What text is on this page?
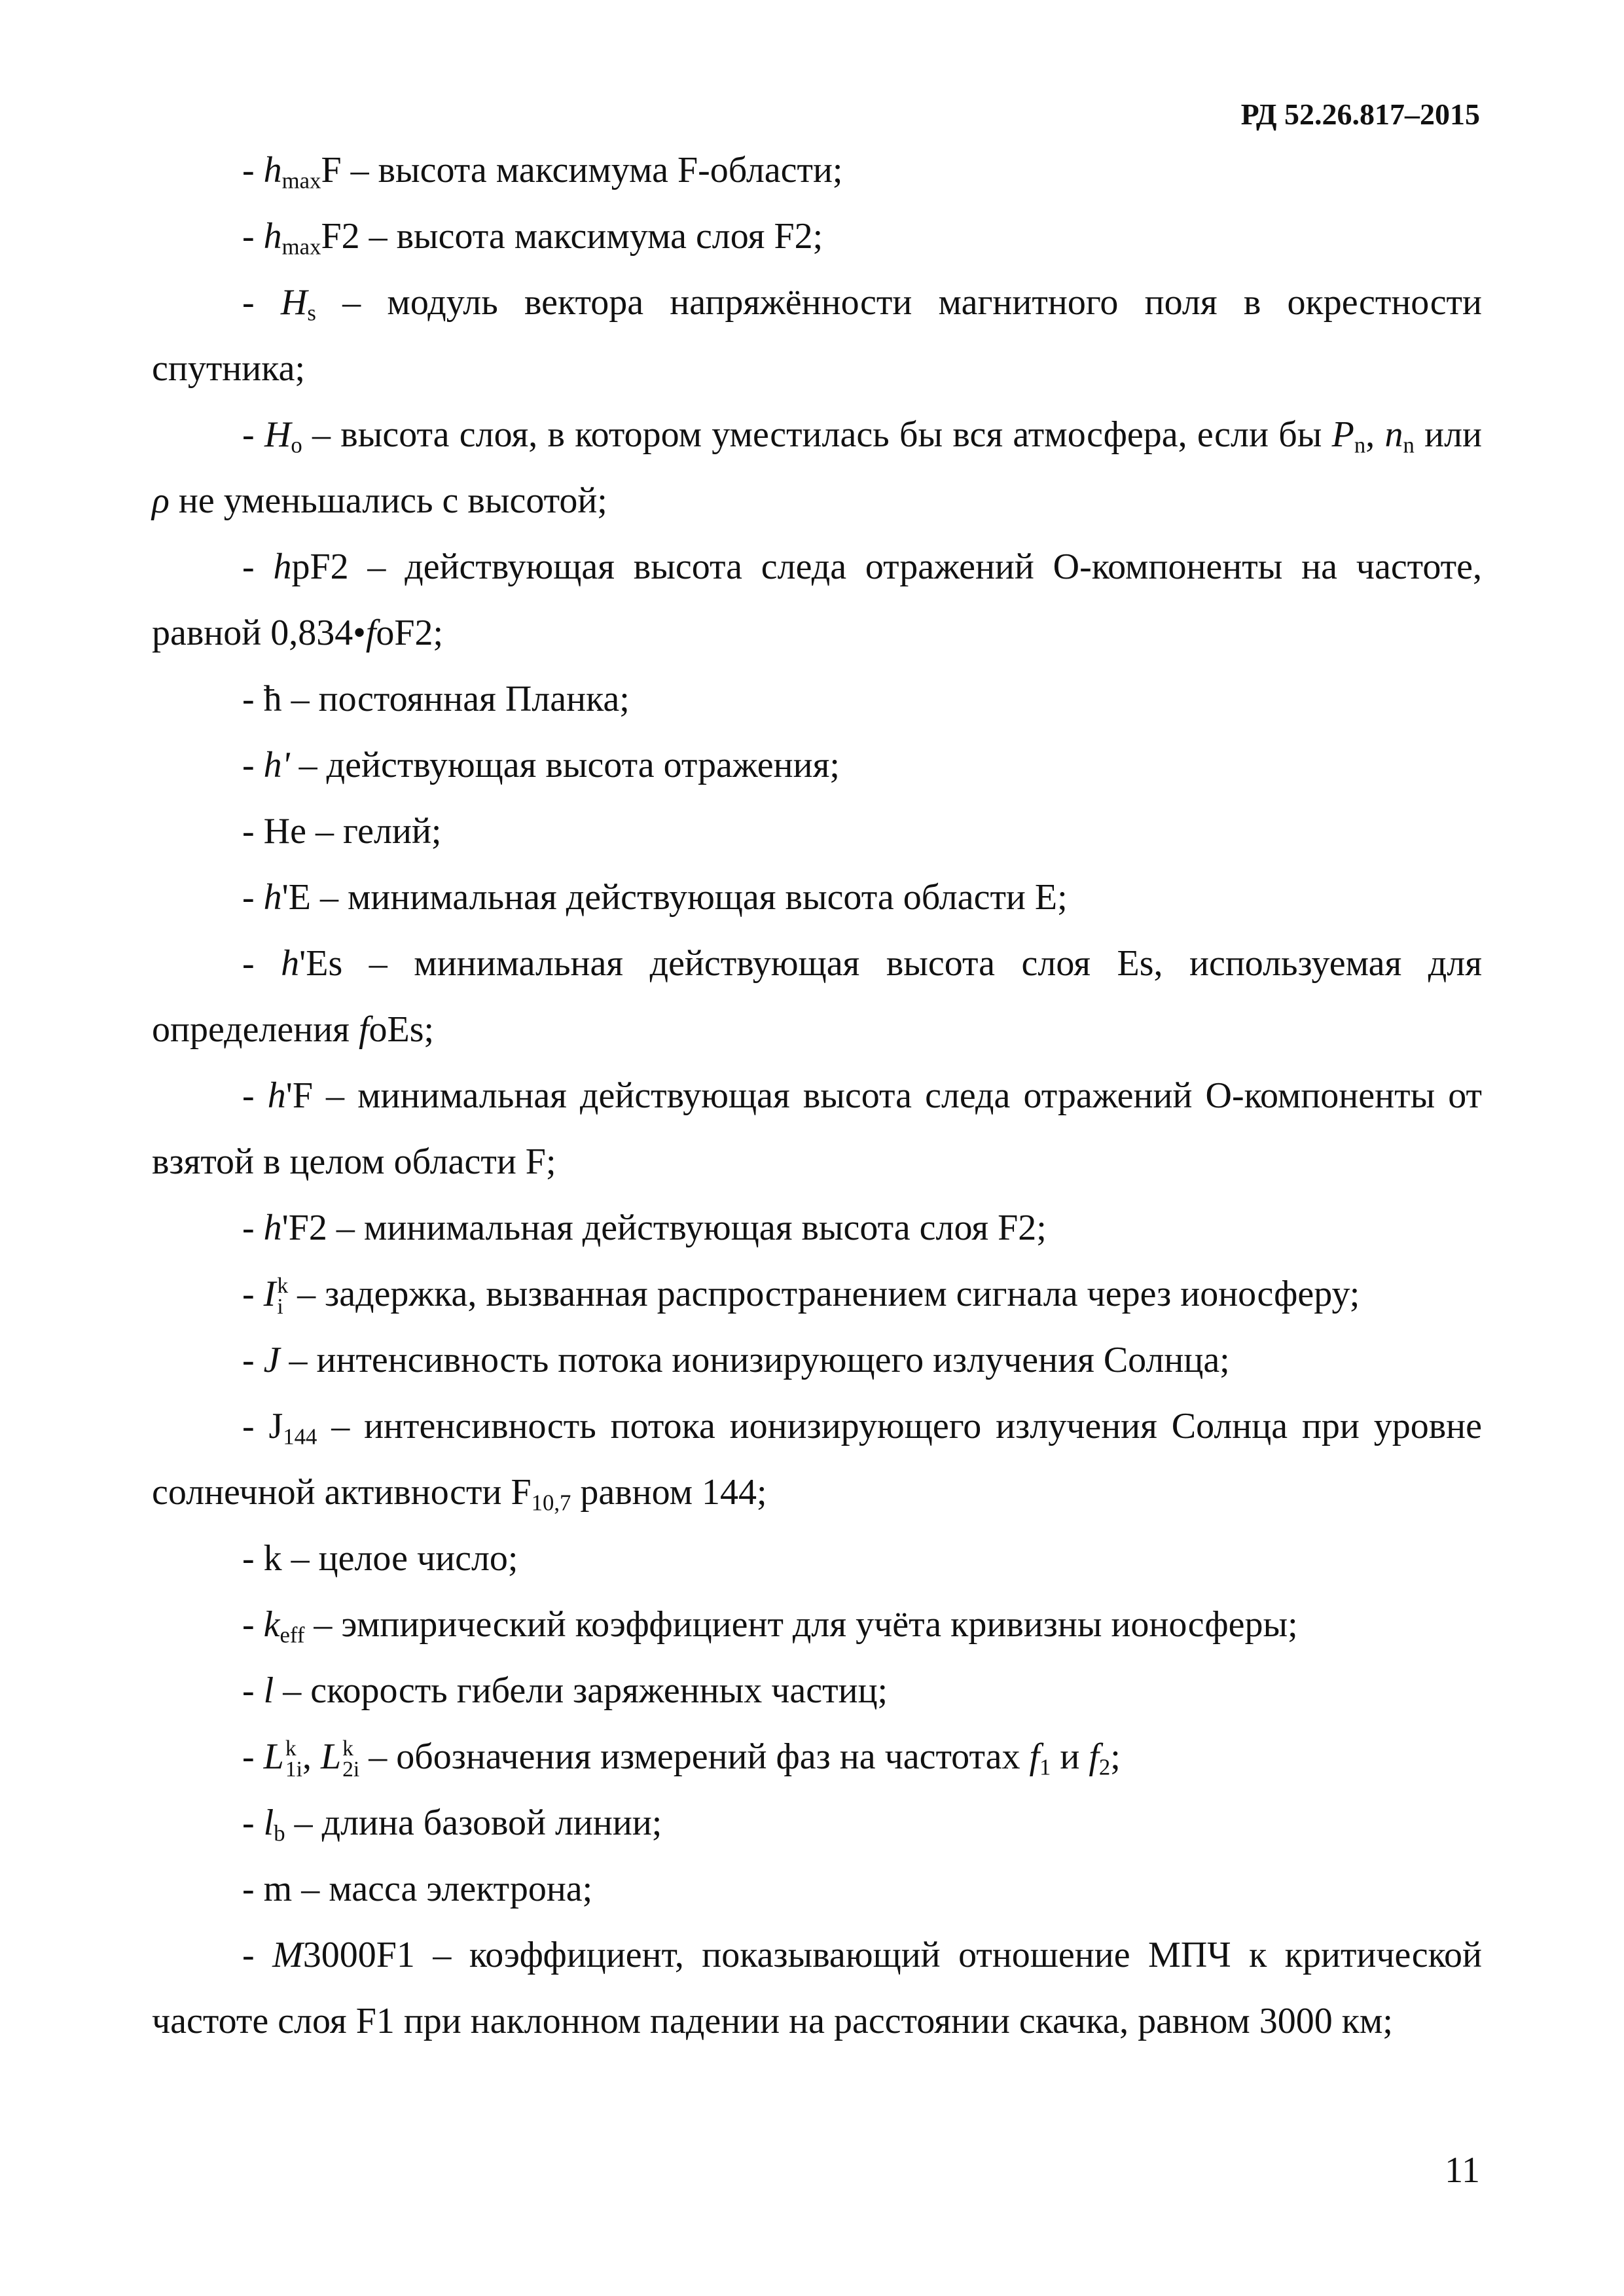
РД 52.26.817–2015

- $h_{max}F$ – высота максимума F-области;

- $h_{max}F2$ – высота максимума слоя F2;

- $H_s$ – модуль вектора напряжённости магнитного поля в окрестности спутника;

- $H_o$ – высота слоя, в котором уместилась бы вся атмосфера, если бы $P_n$, $n_n$ или ρ не уменьшались с высотой;

- hpF2 – действующая высота следа отражений О-компоненты на частоте, равной 0,834•foF2;

- ħ – постоянная Планка;

- h' – действующая высота отражения;

- He – гелий;

- h'E – минимальная действующая высота области E;

- h'Es – минимальная действующая высота слоя Es, используемая для определения foEs;

- h'F – минимальная действующая высота следа отражений О-компоненты от взятой в целом области F;

- h'F2 – минимальная действующая высота слоя F2;

- I k
i – задержка, вызванная распространением сигнала через ионосферу;

- J – интенсивность потока ионизирующего излучения Солнца;

- $J_{144}$ – интенсивность потока ионизирующего излучения Солнца при уровне солнечной активности $F_{10,7}$ равном 144;

- k – целое число;

- $k_{eff}$ – эмпирический коэффициент для учёта кривизны ионосферы;

- l – скорость гибели заряженных частиц;

- L k
1i , L k
2i – обозначения измерений фаз на частотах $f_1$ и $f_2$;

- $l_b$ – длина базовой линии;

- m – масса электрона;

- M3000F1 – коэффициент, показывающий отношение МПЧ к критической частоте слоя F1 при наклонном падении на расстоянии скачка, равном 3000 км;

11
